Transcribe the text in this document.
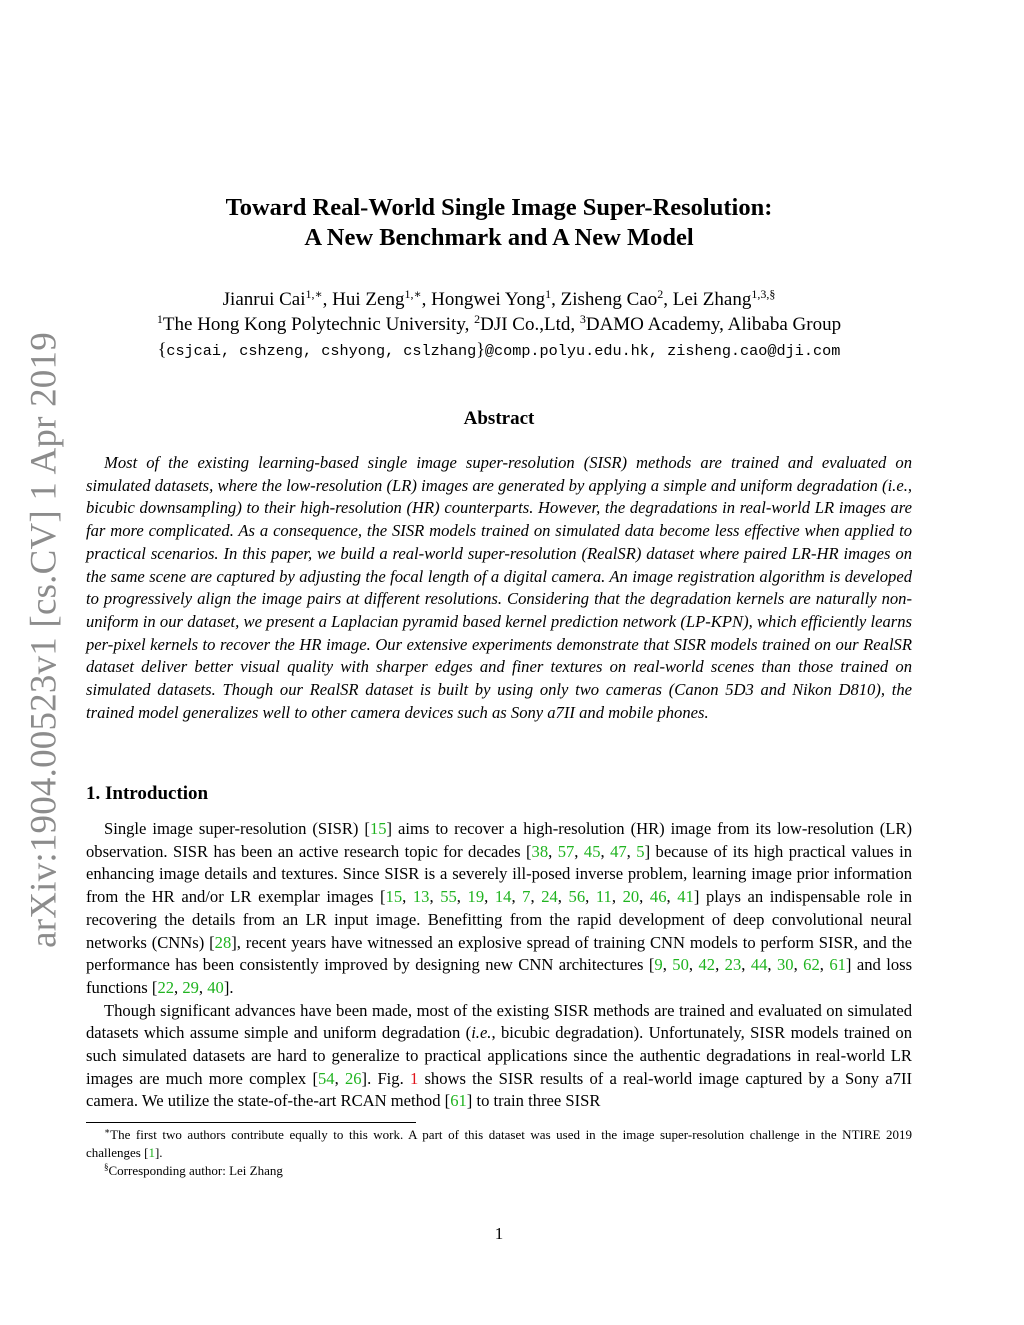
arXiv:1904.00523v1 [cs.CV] 1 Apr 2019
Toward Real-World Single Image Super-Resolution:
A New Benchmark and A New Model
Jianrui Cai$^{1,∗}$, Hui Zeng$^{1,∗}$, Hongwei Yong$^1$, Zisheng Cao$^2$, Lei Zhang$^{1,3,\S}$
$^1$The Hong Kong Polytechnic University, $^2$DJI Co.,Ltd, $^3$DAMO Academy, Alibaba Group
{csjcai, cshzeng, cshyong, cslzhang}@comp.polyu.edu.hk, zisheng.cao@dji.com
Abstract

Most of the existing learning-based single image super-resolution (SISR) methods are trained and evaluated on simulated datasets, where the low-resolution (LR) images are generated by applying a simple and uniform degradation (i.e., bicubic downsampling) to their high-resolution (HR) counterparts. However, the degradations in real-world LR images are far more complicated. As a consequence, the SISR models trained on simulated data become less effective when applied to practical scenarios. In this paper, we build a real-world super-resolution (RealSR) dataset where paired LR-HR images on the same scene are captured by adjusting the focal length of a digital camera. An image registration algorithm is developed to progressively align the image pairs at different resolutions. Considering that the degradation kernels are naturally non-uniform in our dataset, we present a Laplacian pyramid based kernel prediction network (LP-KPN), which efficiently learns per-pixel kernels to recover the HR image. Our extensive experiments demonstrate that SISR models trained on our RealSR dataset deliver better visual quality with sharper edges and finer textures on real-world scenes than those trained on simulated datasets. Though our RealSR dataset is built by using only two cameras (Canon 5D3 and Nikon D810), the trained model generalizes well to other camera devices such as Sony a7II and mobile phones.

1. Introduction

Single image super-resolution (SISR) [15] aims to recover a high-resolution (HR) image from its low-resolution (LR) observation. SISR has been an active research topic for decades [38, 57, 45, 47, 5] because of its high practical values in enhancing image details and textures. Since SISR is a severely ill-posed inverse problem, learning image prior information from the HR and/or LR exemplar images [15, 13, 55, 19, 14, 7, 24, 56, 11, 20, 46, 41] plays an indispensable role in recovering the details from an LR input image. Benefitting from the rapid development of deep convolutional neural networks (CNNs) [28], recent years have witnessed an explosive spread of training CNN models to perform SISR, and the performance has been consistently improved by designing new CNN architectures [9, 50, 42, 23, 44, 30, 62, 61] and loss functions [22, 29, 40].

Though significant advances have been made, most of the existing SISR methods are trained and evaluated on simulated datasets which assume simple and uniform degradation (i.e., bicubic degradation). Unfortunately, SISR models trained on such simulated datasets are hard to generalize to practical applications since the authentic degradations in real-world LR images are much more complex [54, 26]. Fig. 1 shows the SISR results of a real-world image captured by a Sony a7II camera. We utilize the state-of-the-art RCAN method [61] to train three SISR

∗The first two authors contribute equally to this work. A part of this dataset was used in the image super-resolution challenge in the NTIRE 2019 challenges [1].

§Corresponding author: Lei Zhang

1
